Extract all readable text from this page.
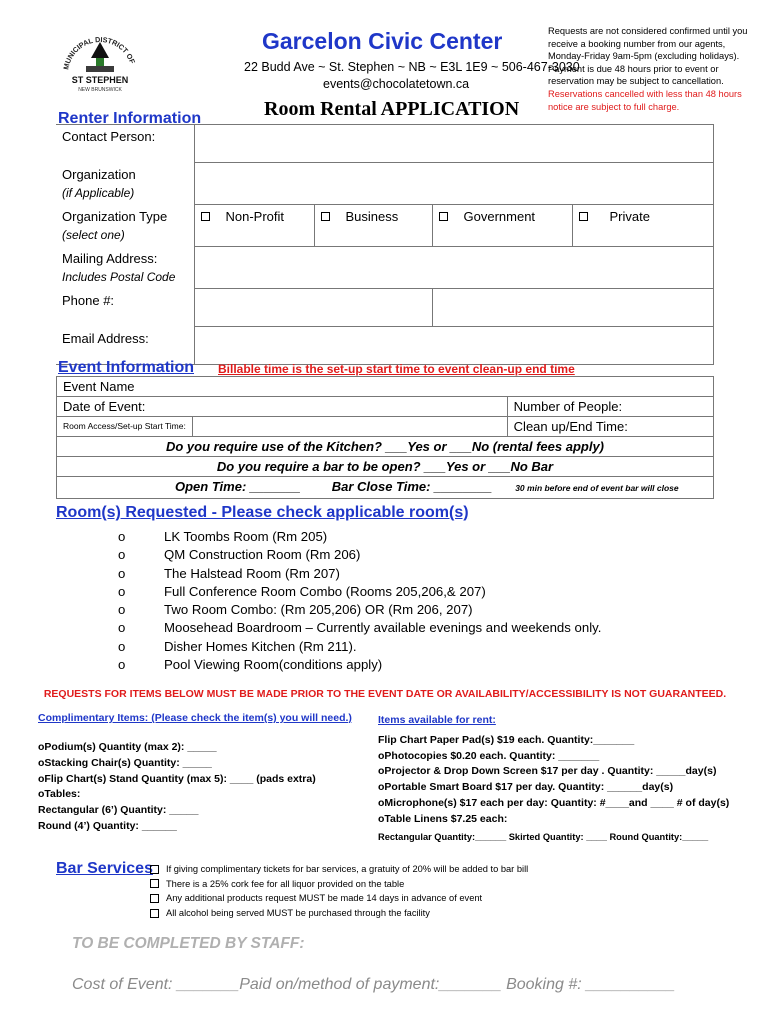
MUNICIPAL DISTRICT OF
ST STEPHEN
NEW BRUNSWICK
Garcelon Civic Center
22 Budd Ave ~ St. Stephen ~ NB ~ E3L 1E9 ~ 506-467-3030
events@chocolatetown.ca
Requests are not considered confirmed until you receive a booking number from our agents, Monday-Friday 9am-5pm (excluding holidays). Payment is due 48 hours prior to event or reservation may be subject to cancellation. Reservations cancelled with less than 48 hours notice are subject to full charge.
Room Rental APPLICATION
Renter Information
Contact Person:				

Organization
(if Applicable)				

Organization Type
(select one)	Non-Profit	Business	Government	Private

Mailing Address:
Includes Postal Code				

Phone #:				
Email Address:				
Event Information Billable time is the set-up start time to event clean-up end time
Event Name		
Date of Event:		Number of People:
Room Access/Set-up Start Time:		Clean up/End Time:
Do you require use of the Kitchen? ___Yes or ___No (rental fees apply)		
Do you require a bar to be open? ___Yes or ___No Bar		
Open Time: _______ Bar Close Time: ________ 30 min before end of event bar will close		
Room(s) Requested - Please check applicable room(s)
o	LK Toombs Room (Rm 205)
o	QM Construction Room (Rm 206)
o	The Halstead Room (Rm 207)
o	Full Conference Room Combo (Rooms 205,206,& 207)
o	Two Room Combo: (Rm 205,206) OR (Rm 206, 207)
o	Moosehead Boardroom – Currently available evenings and weekends only.
o	Disher Homes Kitchen (Rm 211).
o	Pool Viewing Room(conditions apply)
REQUESTS FOR ITEMS BELOW MUST BE MADE PRIOR TO THE EVENT DATE OR AVAILABILITY/ACCESSIBILITY IS NOT GUARANTEED.
Complimentary Items: (Please check the item(s) you will need.) Items available for rent:
oPodium(s) Quantity (max 2): _____
oStacking Chair(s) Quantity: _____
oFlip Chart(s) Stand Quantity (max 5): ____ (pads extra)
oTables:
Rectangular (6’) Quantity: _____
Round (4’) Quantity: ______
Flip Chart Paper Pad(s) $19 each. Quantity:_______
oPhotocopies $0.20 each. Quantity: _______
oProjector & Drop Down Screen $17 per day . Quantity: _____day(s)
oPortable Smart Board $17 per day. Quantity: ______day(s)
oMicrophone(s) $17 each per day: Quantity: #____and ____ # of day(s)
oTable Linens $7.25 each:
Rectangular Quantity:______ Skirted Quantity: ____ Round Quantity:_____
Bar Services If giving complimentary tickets for bar services, a gratuity of 20% will be added to bar bill
There is a 25% cork fee for all liquor provided on the table
Any additional products request MUST be made 14 days in advance of event
All alcohol being served MUST be purchased through the facility
TO BE COMPLETED BY STAFF:
Cost of Event: _______Paid on/method of payment:_______ Booking #: __________
